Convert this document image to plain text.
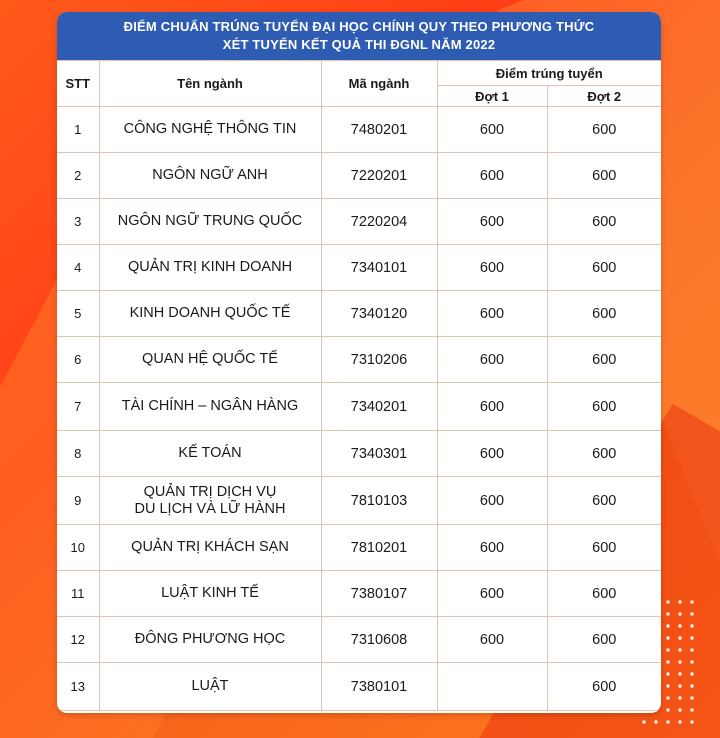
ĐIỂM CHUẨN TRÚNG TUYỂN ĐẠI HỌC CHÍNH QUY THEO PHƯƠNG THỨC
XÉT TUYỂN KẾT QUẢ THI ĐGNL NĂM 2022
STT	Tên ngành	Mã ngành	Điểm trúng tuyển	
			Đợt 1	Đợt 2
1	CÔNG NGHỆ THÔNG TIN	7480201	600	600
2	NGÔN NGỮ ANH	7220201	600	600
3	NGÔN NGỮ TRUNG QUỐC	7220204	600	600
4	QUẢN TRỊ KINH DOANH	7340101	600	600
5	KINH DOANH QUỐC TẾ	7340120	600	600
6	QUAN HỆ QUỐC TẾ	7310206	600	600
7	TÀI CHÍNH – NGÂN HÀNG	7340201	600	600
8	KẾ TOÁN	7340301	600	600
9	QUẢN TRỊ DỊCH VỤ
DU LỊCH VÀ LỮ HÀNH	7810103	600	600
10	QUẢN TRỊ KHÁCH SẠN	7810201	600	600
11	LUẬT KINH TẾ	7380107	600	600
12	ĐÔNG PHƯƠNG HỌC	7310608	600	600
13	LUẬT	7380101		600
